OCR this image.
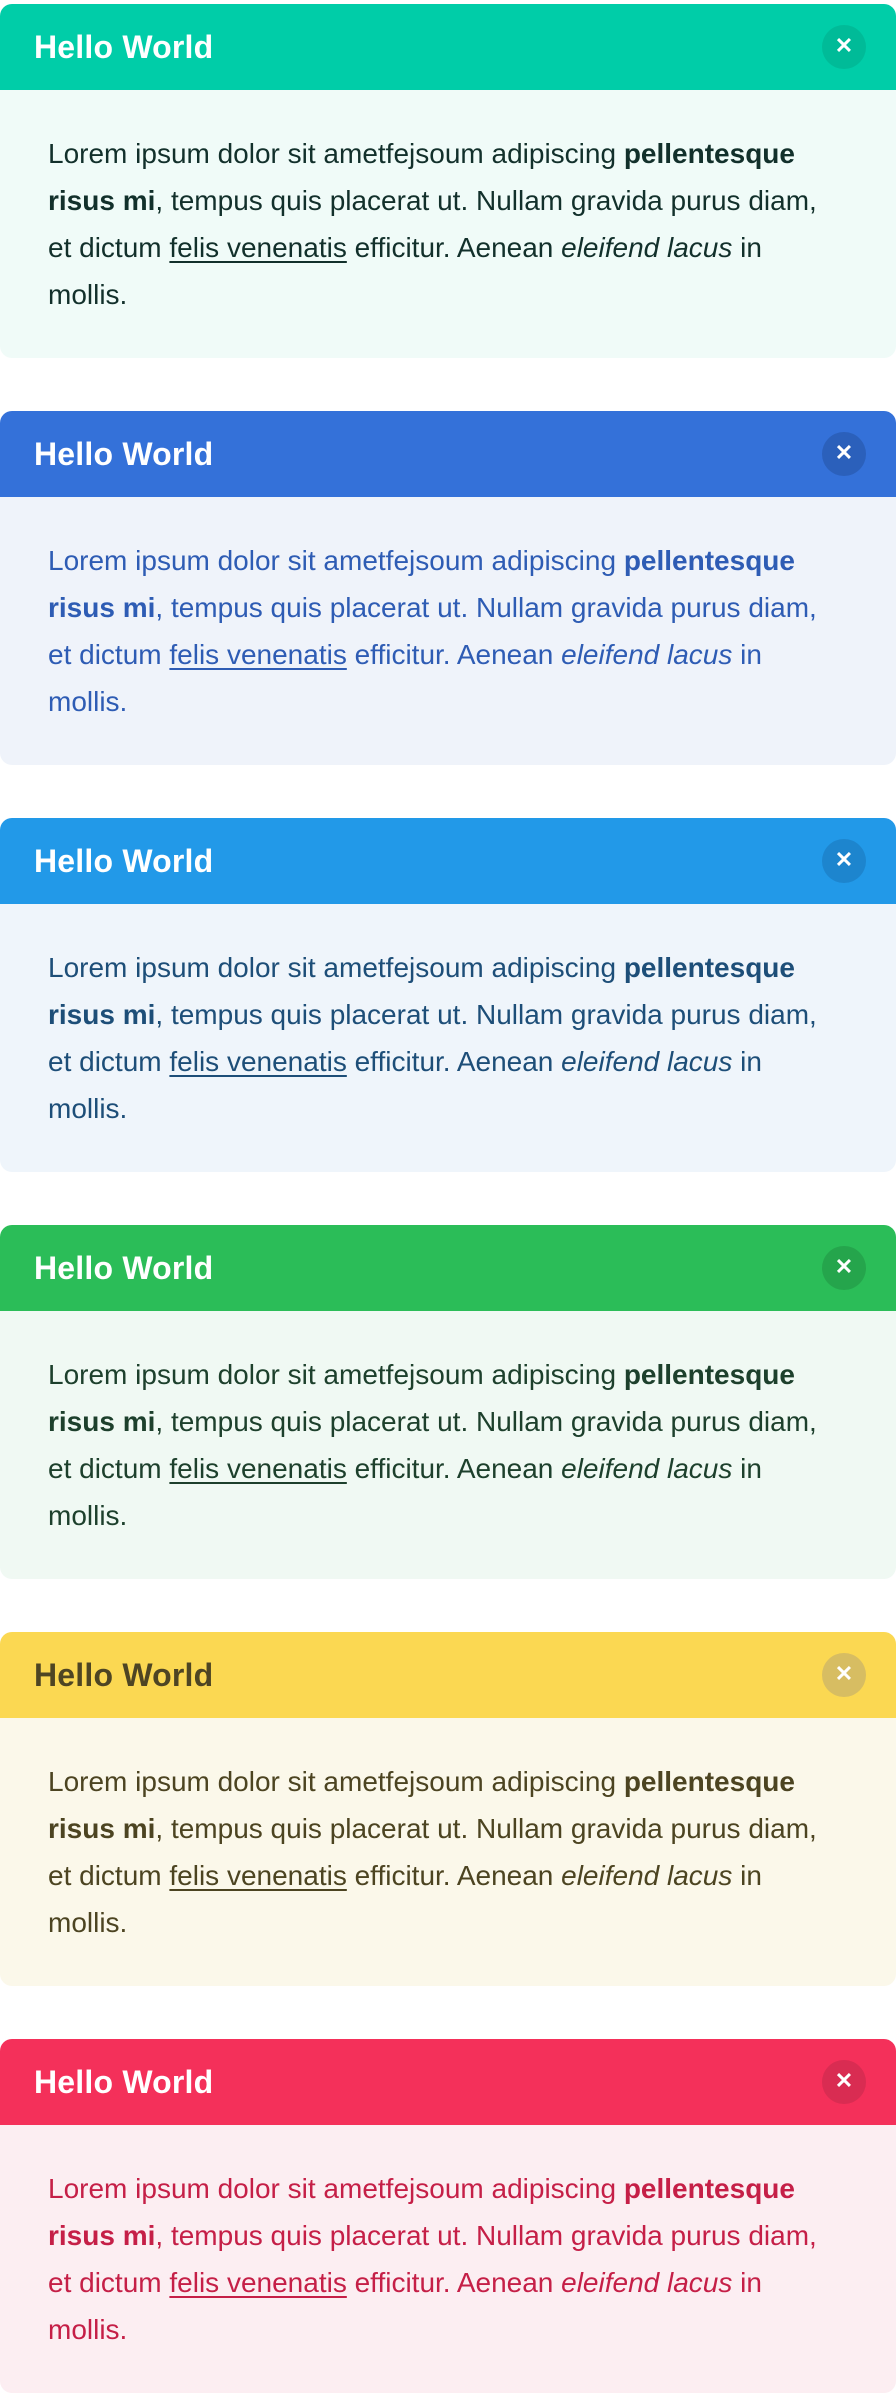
Hello World	✕

Lorem ipsum dolor sit ametfejsoum adipiscing pellentesque risus mi, tempus quis placerat ut. Nullam gravida purus diam, et dictum felis venenatis efficitur. Aenean eleifend lacus in mollis.

Hello World	✕

Lorem ipsum dolor sit ametfejsoum adipiscing pellentesque risus mi, tempus quis placerat ut. Nullam gravida purus diam, et dictum felis venenatis efficitur. Aenean eleifend lacus in mollis.

Hello World	✕

Lorem ipsum dolor sit ametfejsoum adipiscing pellentesque risus mi, tempus quis placerat ut. Nullam gravida purus diam, et dictum felis venenatis efficitur. Aenean eleifend lacus in mollis.

Hello World	✕

Lorem ipsum dolor sit ametfejsoum adipiscing pellentesque risus mi, tempus quis placerat ut. Nullam gravida purus diam, et dictum felis venenatis efficitur. Aenean eleifend lacus in mollis.

Hello World	✕

Lorem ipsum dolor sit ametfejsoum adipiscing pellentesque risus mi, tempus quis placerat ut. Nullam gravida purus diam, et dictum felis venenatis efficitur. Aenean eleifend lacus in mollis.

Hello World	✕

Lorem ipsum dolor sit ametfejsoum adipiscing pellentesque risus mi, tempus quis placerat ut. Nullam gravida purus diam, et dictum felis venenatis efficitur. Aenean eleifend lacus in mollis.
